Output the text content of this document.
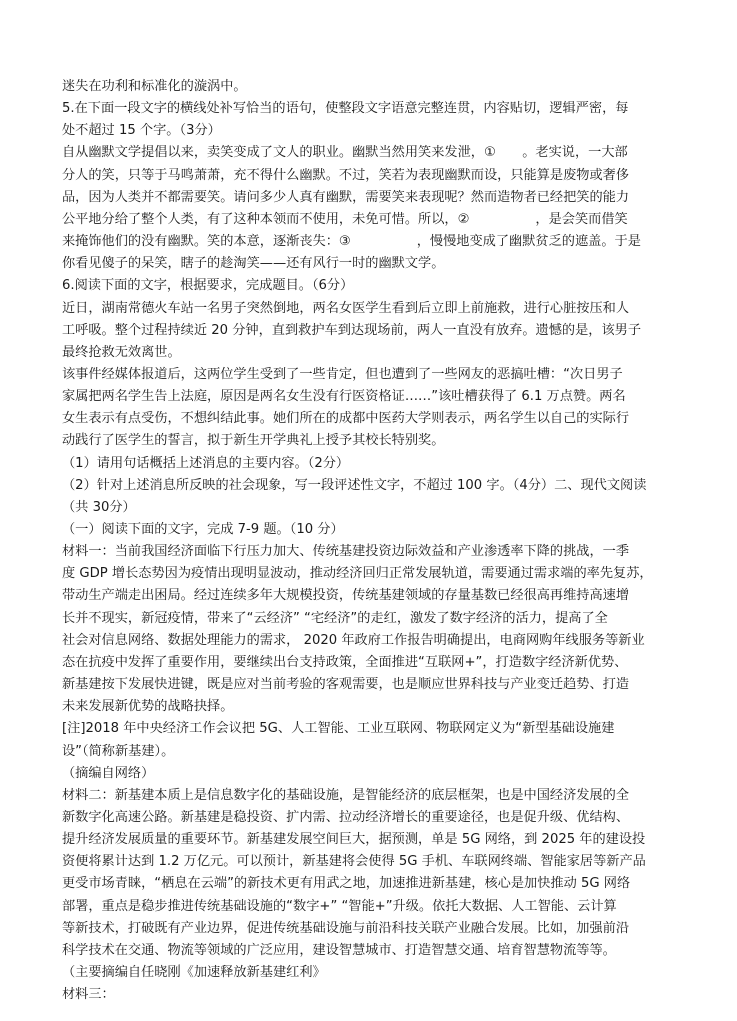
迷失在功利和标准化的漩涡中。
5.在下面一段文字的横线处补写恰当的语句，使整段文字语意完整连贯，内容贴切，逻辑严密，每
处不超过 15 个字。（3分）
自从幽默文学提倡以来，卖笑变成了文人的职业。幽默当然用笑来发泄，①　　。老实说，一大部
分人的笑，只等于马鸣萧萧，充不得什么幽默。不过，笑若为表现幽默而设，只能算是废物或奢侈
品，因为人类并不都需要笑。请问多少人真有幽默，需要笑来表现呢？然而造物者已经把笑的能力
公平地分给了整个人类，有了这种本领而不使用，未免可惜。所以，②　　　　　，是会笑而借笑
来掩饰他们的没有幽默。笑的本意，逐渐丧失：③　　　　　，慢慢地变成了幽默贫乏的遮盖。于是
你看见傻子的呆笑，瞎子的趁淘笑——还有风行一时的幽默文学。
6.阅读下面的文字，根据要求，完成题目。（6分）
近日，湖南常德火车站一名男子突然倒地，两名女医学生看到后立即上前施救，进行心脏按压和人
工呼吸。整个过程持续近 20 分钟，直到救护车到达现场前，两人一直没有放弃。遗憾的是，该男子
最终抢救无效离世。
该事件经媒体报道后，这两位学生受到了一些肯定，但也遭到了一些网友的恶搞吐槽：“次日男子
家属把两名学生告上法庭，原因是两名女生没有行医资格证……”该吐槽获得了 6.1 万点赞。两名
女生表示有点受伤，不想纠结此事。她们所在的成都中医药大学则表示，两名学生以自己的实际行
动践行了医学生的誓言，拟于新生开学典礼上授予其校长特别奖。
（1）请用句话概括上述消息的主要内容。（2分）
（2）针对上述消息所反映的社会现象，写一段评述性文字，不超过 100 字。（4分）二、现代文阅读
（共 30分）
（一）阅读下面的文字，完成 7-9 题。（10 分）
材料一：当前我国经济面临下行压力加大、传统基建投资边际效益和产业渗透率下降的挑战，一季
度 GDP 增长态势因为疫情出现明显波动，推动经济回归正常发展轨道，需要通过需求端的率先复苏，
带动生产端走出困局。经过连续多年大规模投资，传统基建领域的存量基数已经很高再维持高速增
长并不现实，新冠疫情，带来了“云经济” “宅经济”的走红，激发了数字经济的活力，提高了全
社会对信息网络、数据处理能力的需求， 2020 年政府工作报告明确提出，电商网购年线服务等新业
态在抗疫中发挥了重要作用，要继续出台支持政策，全面推进“互联网+”，打造数字经济新优势、
新基建按下发展快进键，既是应对当前考验的客观需要，也是顺应世界科技与产业变迁趋势、打造
未来发展新优势的战略抉择。
[注]2018 年中央经济工作会议把 5G、人工智能、工业互联网、物联网定义为“新型基础设施建
设”（简称新基建）。
（摘编自网络）
材料二：新基建本质上是信息数字化的基础设施，是智能经济的底层框架，也是中国经济发展的全
新数字化高速公路。新基建是稳投资、扩内需、拉动经济增长的重要途径，也是促升级、优结构、
提升经济发展质量的重要环节。新基建发展空间巨大，据预测，单是 5G 网络，到 2025 年的建设投
资便将累计达到 1.2 万亿元。可以预计，新基建将会使得 5G 手机、车联网终端、智能家居等新产品
更受市场青睐，“栖息在云端”的新技术更有用武之地，加速推进新基建，核心是加快推动 5G 网络
部署，重点是稳步推进传统基础设施的“数字+” “智能+”升级。依托大数据、人工智能、云计算
等新技术，打破既有产业边界，促进传统基础设施与前沿科技关联产业融合发展。比如，加强前沿
科学技术在交通、物流等领域的广泛应用，建设智慧城市、打造智慧交通、培育智慧物流等等。
（主要摘编自任晓刚《加速释放新基建红利》
材料三：
